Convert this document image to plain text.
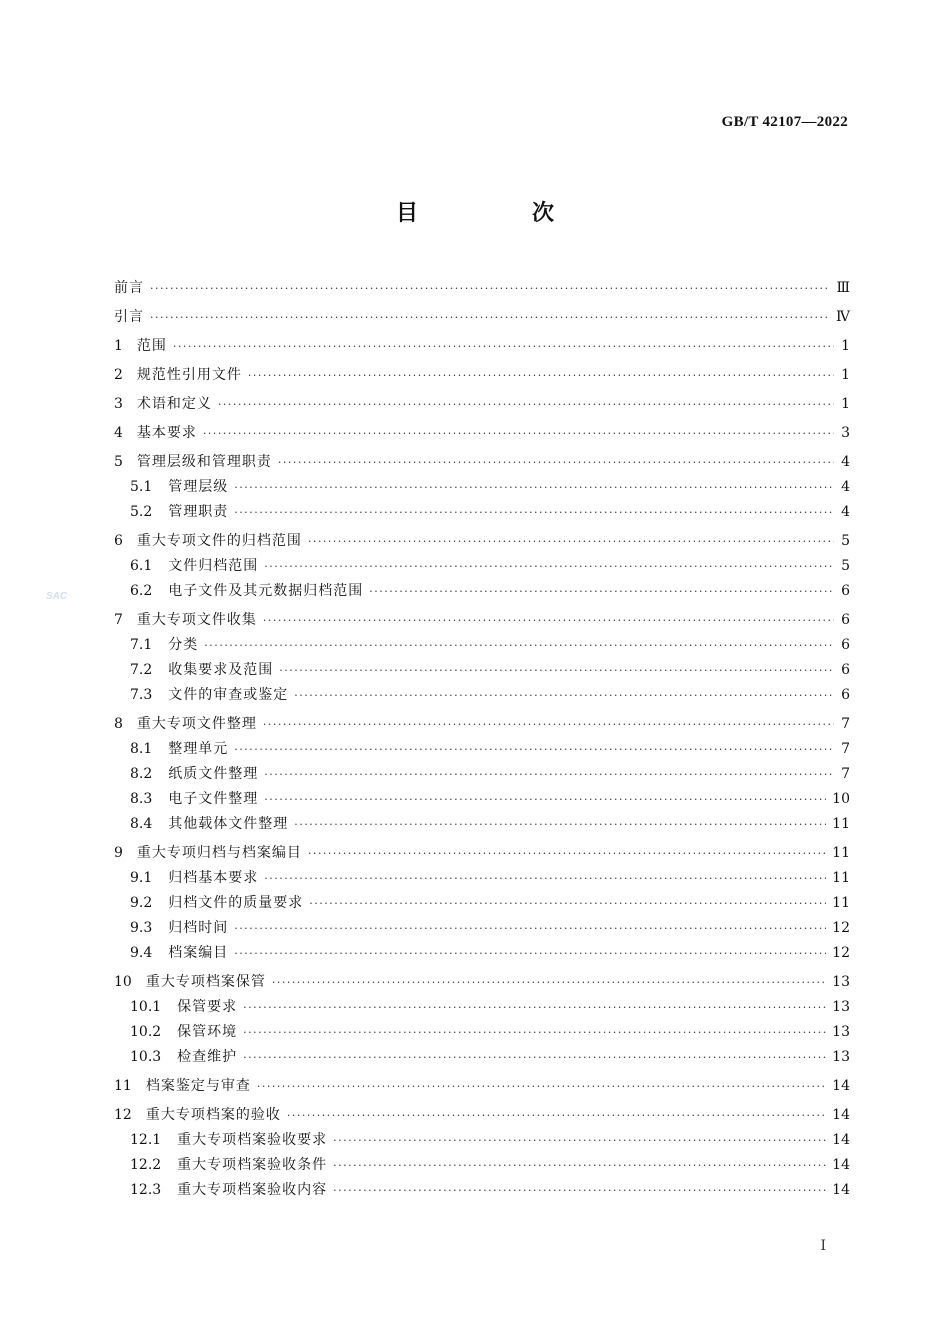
GB/T 42107—2022
目　次
SAC
前言 ·····	Ⅲ
引言 ·····	Ⅳ
1 范围 ·····	1
2 规范性引用文件 ·····	1
3 术语和定义 ·····	1
4 基本要求 ·····	3
5 管理层级和管理职责 ·····	4
5.1 管理层级 ·····	4
5.2 管理职责 ·····	4
6 重大专项文件的归档范围 ·····	5
6.1 文件归档范围 ·····	5
6.2 电子文件及其元数据归档范围 ·····	6
7 重大专项文件收集 ·····	6
7.1 分类 ·····	6
7.2 收集要求及范围 ·····	6
7.3 文件的审查或鉴定 ·····	6
8 重大专项文件整理 ·····	7
8.1 整理单元 ·····	7
8.2 纸质文件整理 ·····	7
8.3 电子文件整理 ·····	10
8.4 其他载体文件整理 ·····	11
9 重大专项归档与档案编目 ·····	11
9.1 归档基本要求 ·····	11
9.2 归档文件的质量要求 ·····	11
9.3 归档时间 ·····	12
9.4 档案编目 ·····	12
10 重大专项档案保管 ·····	13
10.1 保管要求 ·····	13
10.2 保管环境 ·····	13
10.3 检查维护 ·····	13
11 档案鉴定与审查 ·····	14
12 重大专项档案的验收 ·····	14
12.1 重大专项档案验收要求 ·····	14
12.2 重大专项档案验收条件 ·····	14
12.3 重大专项档案验收内容 ·····	14
Ⅰ
